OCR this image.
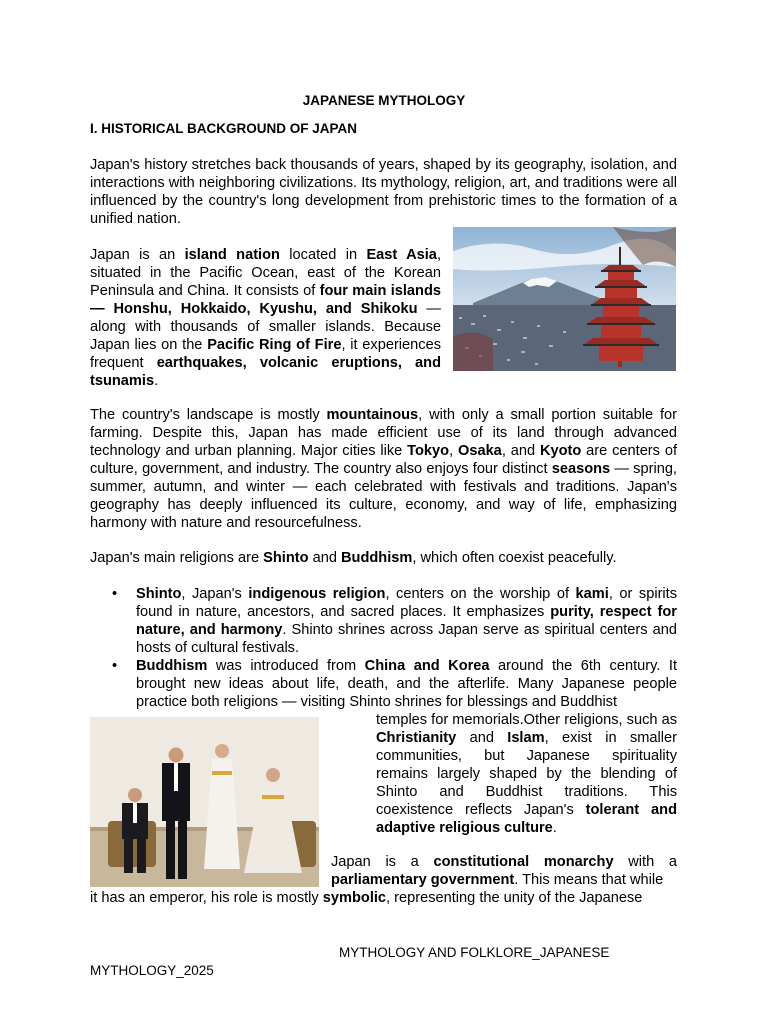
JAPANESE MYTHOLOGY
I. HISTORICAL BACKGROUND OF JAPAN
Japan's history stretches back thousands of years, shaped by its geography, isolation, and interactions with neighboring civilizations. Its mythology, religion, art, and traditions were all influenced by the country's long development from prehistoric times to the formation of a unified nation.
Japan is an island nation located in East Asia, situated in the Pacific Ocean, east of the Korean Peninsula and China. It consists of four main islands — Honshu, Hokkaido, Kyushu, and Shikoku — along with thousands of smaller islands. Because Japan lies on the Pacific Ring of Fire, it experiences frequent earthquakes, volcanic eruptions, and tsunamis.
The country's landscape is mostly mountainous, with only a small portion suitable for farming. Despite this, Japan has made efficient use of its land through advanced technology and urban planning. Major cities like Tokyo, Osaka, and Kyoto are centers of culture, government, and industry. The country also enjoys four distinct seasons — spring, summer, autumn, and winter — each celebrated with festivals and traditions. Japan's geography has deeply influenced its culture, economy, and way of life, emphasizing harmony with nature and resourcefulness.
Japan's main religions are Shinto and Buddhism, which often coexist peacefully.
• Shinto, Japan's indigenous religion, centers on the worship of kami, or spirits found in nature, ancestors, and sacred places. It emphasizes purity, respect for nature, and harmony. Shinto shrines across Japan serve as spiritual centers and hosts of cultural festivals.
• Buddhism was introduced from China and Korea around the 6th century. It brought new ideas about life, death, and the afterlife. Many Japanese people practice both religions — visiting Shinto shrines for blessings and Buddhist
temples for memorials.Other religions, such as Christianity and Islam, exist in smaller communities, but Japanese spirituality remains largely shaped by the blending of Shinto and Buddhist traditions. This coexistence reflects Japan's tolerant and adaptive religious culture.
Japan is a constitutional monarchy with a parliamentary government. This means that while
it has an emperor, his role is mostly symbolic, representing the unity of the Japanese
MYTHOLOGY AND FOLKLORE_JAPANESE
MYTHOLOGY_2025
